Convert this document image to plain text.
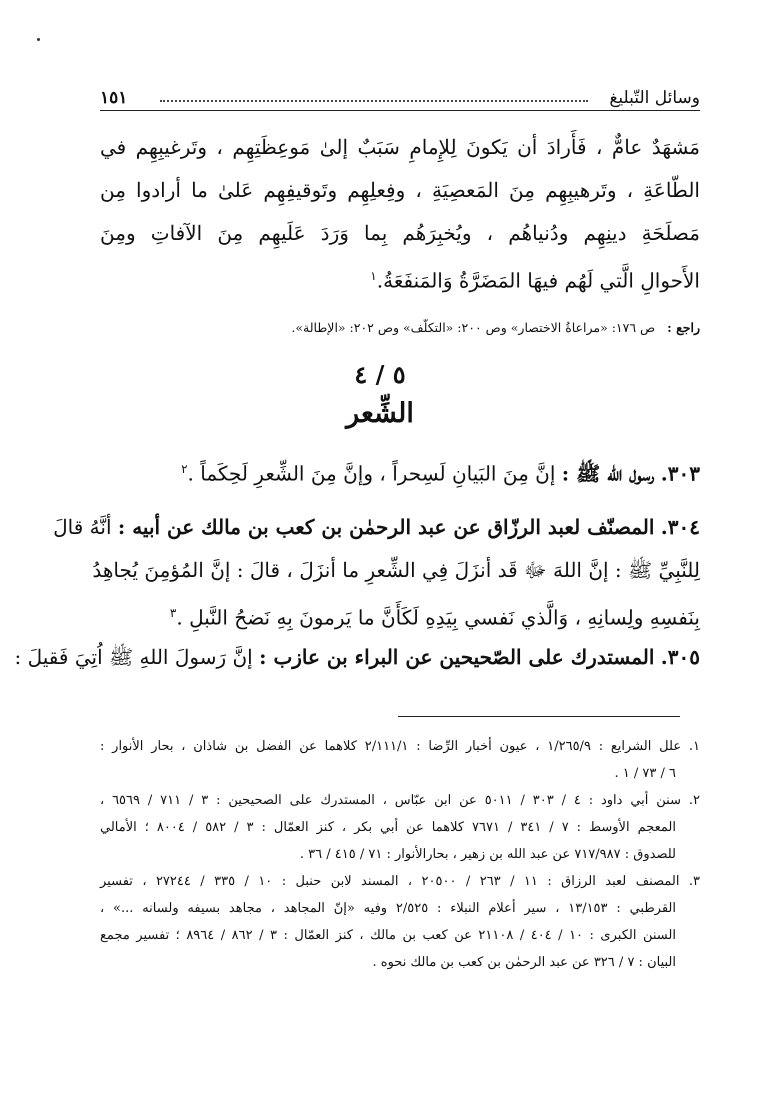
وسائل التّبليغ
١٥١
مَشهَدٌ عامٌّ ، فَأَرادَ أن يَكونَ لِلإِمامِ سَبَبٌ إلىٰ مَوعِظَتِهِم ، وتَرغيبِهِم في
الطّاعَةِ ، وتَرهيبِهِم مِنَ المَعصِيَةِ ، وفِعلِهِم وتَوقيفِهِم عَلىٰ ما أرادوا مِن
مَصلَحَةِ دينِهِم ودُنياهُم ، ويُخبِرَهُم بِما وَرَدَ عَلَيهِم مِنَ الآفاتِ ومِنَ
الأَحوالِ الَّتي لَهُم فيهَا المَضَرَّةُ وَالمَنفَعَةُ.$^١$
راجع : ص ١٧٦: «مراعاةُ الاختصار» وص ٢٠٠: «التكلّف» وص ٢٠٢: «الإطالة».
٥ / ٤
الشِّعر
٣٠٣. رسول الله ﷺ : إنَّ مِنَ البَيانِ لَسِحراً ، وإنَّ مِنَ الشِّعرِ لَحِكَماً .$^٢$
٣٠٤. المصنّف لعبد الرزّاق عن عبد الرحمٰن بن كعب بن مالك عن أبيه : أنَّهُ قالَ
لِلنَّبِيِّ ﷺ : إنَّ اللهَ ﷻ قَد أنزَلَ فِي الشِّعرِ ما أنزَلَ ، قالَ : إنَّ المُؤمِنَ يُجاهِدُ
بِنَفسِهِ ولِسانِهِ ، وَالَّذي نَفسي بِيَدِهِ لَكَأَنَّ ما يَرمونَ بِهِ نَضحُ النَّبلِ .$^٣$
٣٠٥. المستدرك على الصّحيحين عن البراء بن عازب : إنَّ رَسولَ اللهِ ﷺ اُتِيَ فَقيلَ :
١. علل الشرايع : ١/٢٦٥/٩ ، عيون أخبار الرِّضا : ٢/١١١/١ كلاهما عن الفضل بن شاذان ، بحار الأنوار :
٦ / ٧٣ / ١ .
٢. سنن أبي داود : ٤ / ٣٠٣ / ٥٠١١ عن ابن عبّاس ، المستدرك على الصحيحين : ٣ / ٧١١ / ٦٥٦٩ ،
المعجم الأوسط : ٧ / ٣٤١ / ٧٦٧١ كلاهما عن أبي بكر ، كنز العمّال : ٣ / ٥٨٢ / ٨٠٠٤ ؛ الأمالي
للصدوق : ٧١٧/٩٨٧ عن عبد الله بن زهير ، بحارالأنوار : ٧١ / ٤١٥ / ٣٦ .
٣. المصنف لعبد الرزاق : ١١ / ٢٦٣ / ٢٠٥٠٠ ، المسند لابن حنبل : ١٠ / ٣٣٥ / ٢٧٢٤٤ ، تفسير
القرطبي : ١٣/١٥٣ ، سير أعلام النبلاء : ٢/٥٢٥ وفيه «إنّ المجاهد ، مجاهد بسيفه ولسانه ...» ،
السنن الكبرى : ١٠ / ٤٠٤ / ٢١١٠٨ عن كعب بن مالك ، كنز العمّال : ٣ / ٨٦٢ / ٨٩٦٤ ؛ تفسير مجمع
البيان : ٧ / ٣٢٦ عن عبد الرحمٰن بن كعب بن مالك نحوه .
